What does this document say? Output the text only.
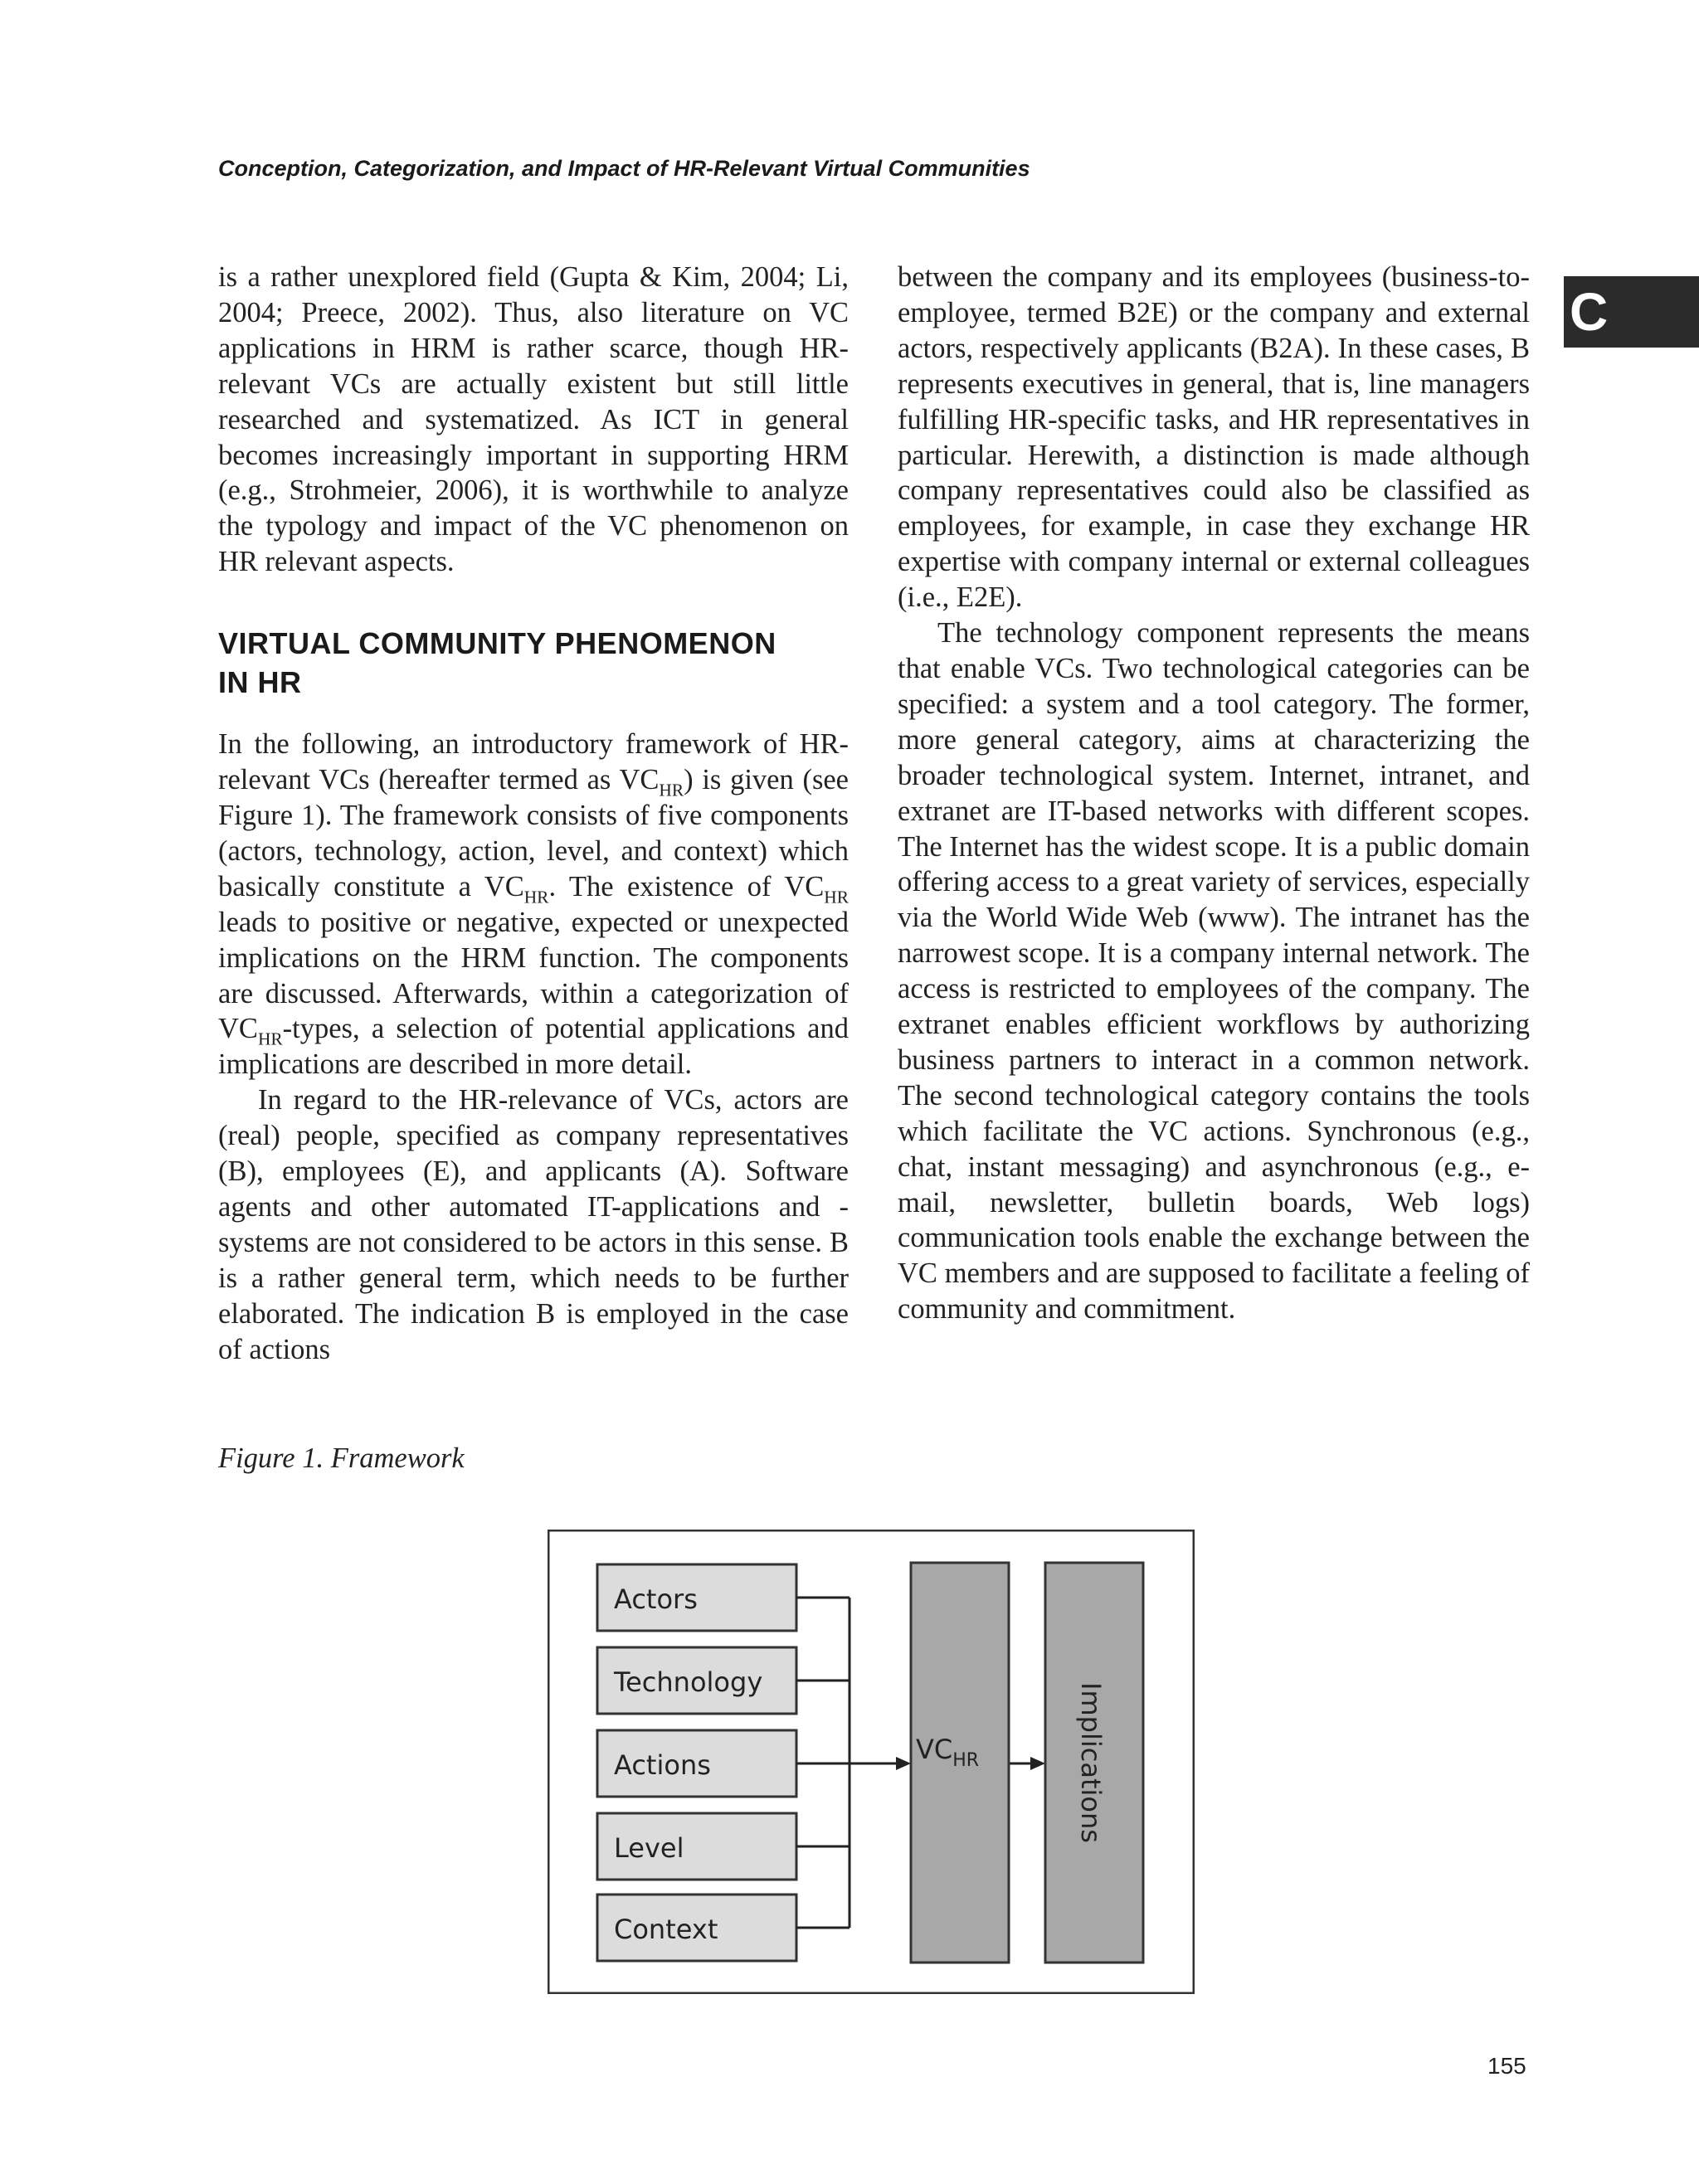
Conception, Categorization, and Impact of HR-Relevant Virtual Communities
C

is a rather unexplored field (Gupta & Kim, 2004; Li, 2004; Preece, 2002). Thus, also literature on VC applications in HRM is rather scarce, though HR-relevant VCs are actually existent but still little researched and systematized. As ICT in general becomes increasingly important in supporting HRM (e.g., Strohmeier, 2006), it is worthwhile to analyze the typology and impact of the VC phenomenon on HR relevant aspects.

VIRTUAL COMMUNITY PHENOMENON IN HR

In the following, an introductory framework of HR-relevant VCs (hereafter termed as $VC_{HR}$) is given (see Figure 1). The framework consists of five components (actors, technology, action, level, and context) which basically constitute a $VC_{HR}$. The existence of $VC_{HR}$ leads to positive or negative, expected or unexpected implications on the HRM function. The components are discussed. Afterwards, within a categorization of $VC_{HR}$-types, a selection of potential applications and implications are described in more detail.

In regard to the HR-relevance of VCs, actors are (real) people, specified as company representatives (B), employees (E), and applicants (A). Software agents and other automated IT-applications and -systems are not considered to be actors in this sense. B is a rather general term, which needs to be further elaborated. The indication B is employed in the case of actions

between the company and its employees (business-to-employee, termed B2E) or the company and external actors, respectively applicants (B2A). In these cases, B represents executives in general, that is, line managers fulfilling HR-specific tasks, and HR representatives in particular. Herewith, a distinction is made although company representatives could also be classified as employees, for example, in case they exchange HR expertise with company internal or external colleagues (i.e., E2E).

The technology component represents the means that enable VCs. Two technological categories can be specified: a system and a tool category. The former, more general category, aims at characterizing the broader technological system. Internet, intranet, and extranet are IT-based networks with different scopes. The Internet has the widest scope. It is a public domain offering access to a great variety of services, especially via the World Wide Web (www). The intranet has the narrowest scope. It is a company internal network. The access is restricted to employees of the company. The extranet enables efficient workflows by authorizing business partners to interact in a common network. The second technological category contains the tools which facilitate the VC actions. Synchronous (e.g., chat, instant messaging) and asynchronous (e.g., e-mail, newsletter, bulletin boards, Web logs) communication tools enable the exchange between the VC members and are supposed to facilitate a feeling of community and commitment.

Figure 1. Framework
Actors
Technology
Actions
Level
Context
$VC_{HR}$	Implications
155
